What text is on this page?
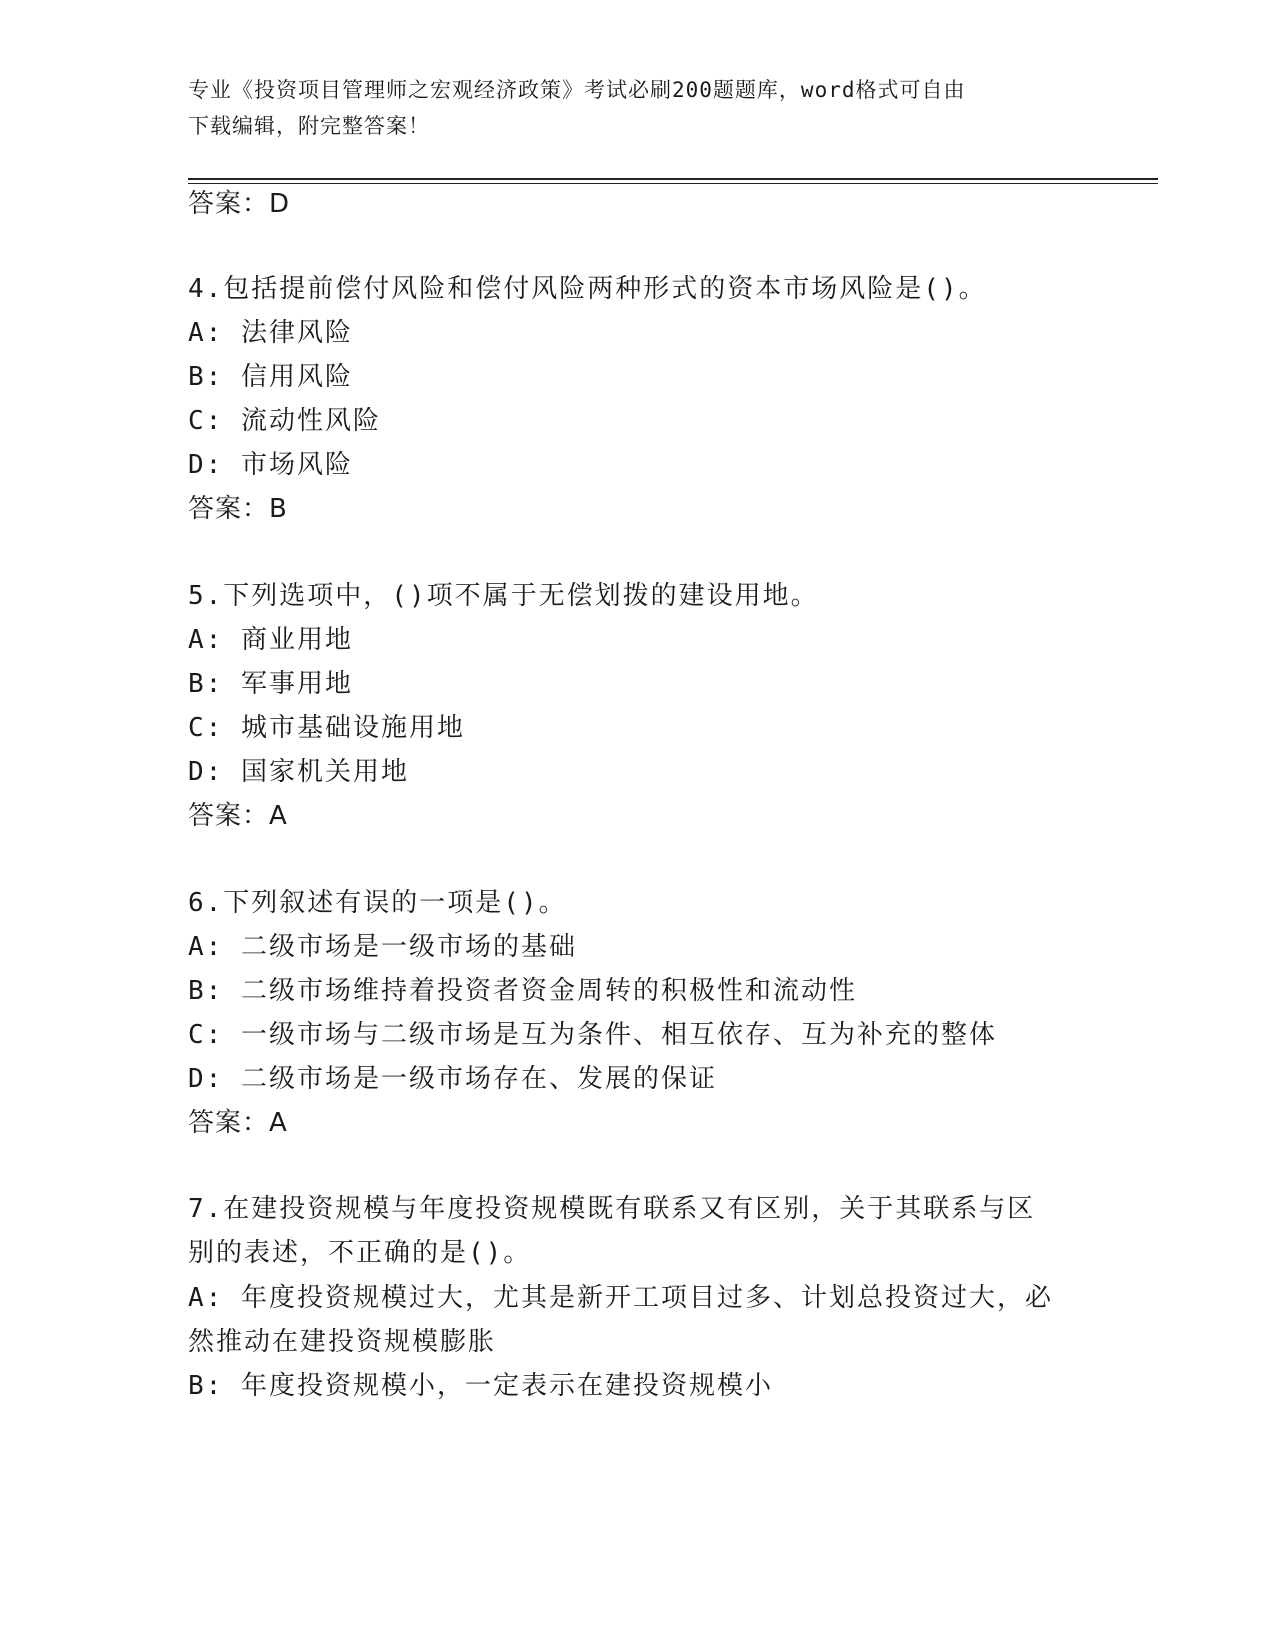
专业《投资项目管理师之宏观经济政策》考试必刷200题题库，word格式可自由
下载编辑，附完整答案！
答案：D
4.包括提前偿付风险和偿付风险两种形式的资本市场风险是()。
A: 法律风险
B: 信用风险
C: 流动性风险
D: 市场风险
答案：B
5.下列选项中，()项不属于无偿划拨的建设用地。
A: 商业用地
B: 军事用地
C: 城市基础设施用地
D: 国家机关用地
答案：A
6.下列叙述有误的一项是()。
A: 二级市场是一级市场的基础
B: 二级市场维持着投资者资金周转的积极性和流动性
C: 一级市场与二级市场是互为条件、相互依存、互为补充的整体
D: 二级市场是一级市场存在、发展的保证
答案：A
7.在建投资规模与年度投资规模既有联系又有区别，关于其联系与区
别的表述，不正确的是()。
A: 年度投资规模过大，尤其是新开工项目过多、计划总投资过大，必
然推动在建投资规模膨胀
B: 年度投资规模小，一定表示在建投资规模小
